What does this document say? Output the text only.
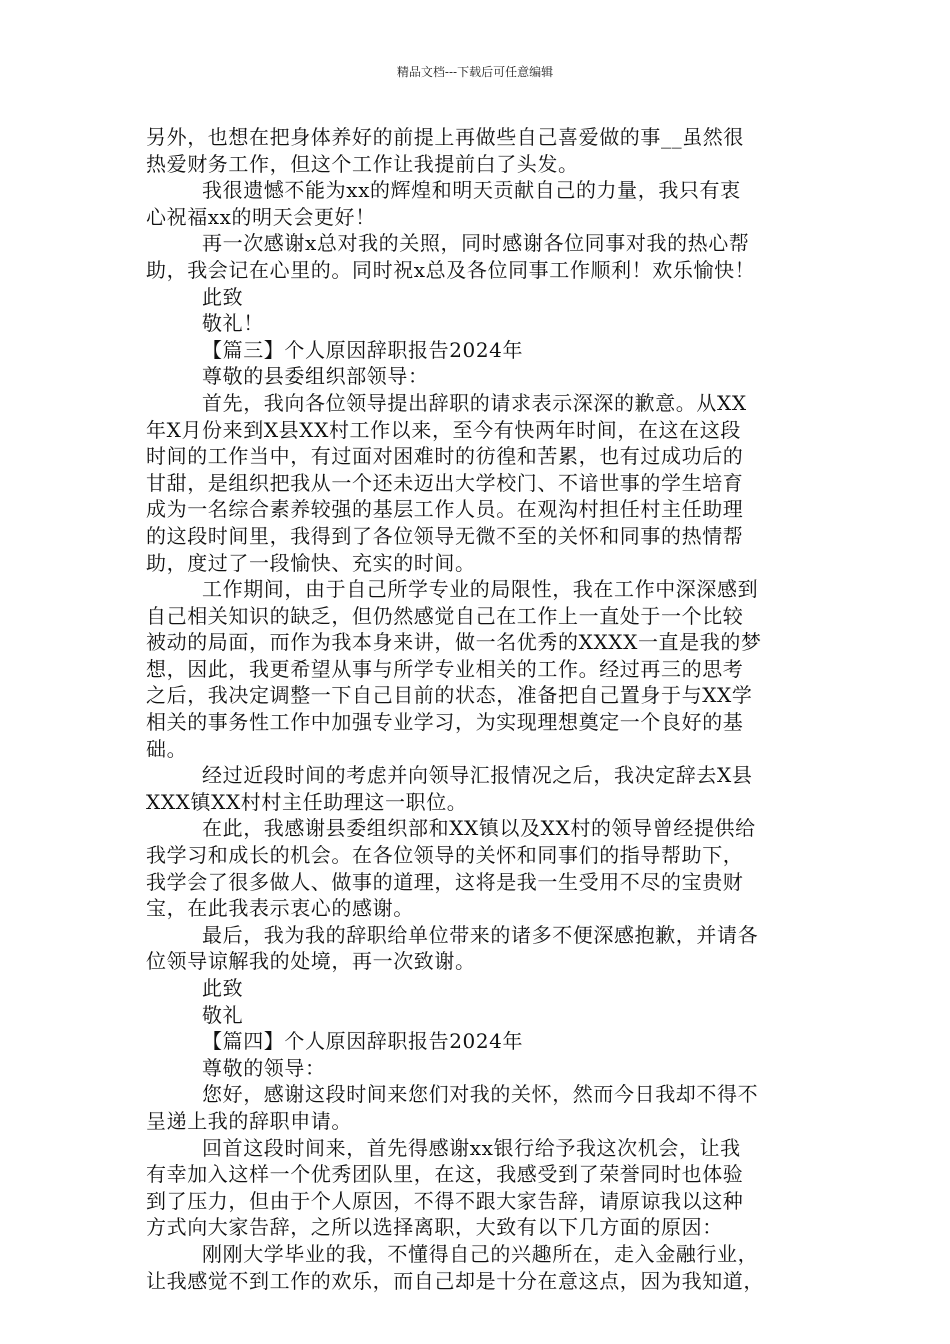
精品文档---下载后可任意编辑
另外，也想在把身体养好的前提上再做些自己喜爱做的事__虽然很
热爱财务工作，但这个工作让我提前白了头发。
我很遗憾不能为xx的辉煌和明天贡献自己的力量，我只有衷
心祝福xx的明天会更好！
再一次感谢x总对我的关照，同时感谢各位同事对我的热心帮
助，我会记在心里的。同时祝x总及各位同事工作顺利！欢乐愉快！
此致
敬礼！
【篇三】个人原因辞职报告2024年
尊敬的县委组织部领导：
首先，我向各位领导提出辞职的请求表示深深的歉意。从XX
年X月份来到X县XX村工作以来，至今有快两年时间，在这在这段
时间的工作当中，有过面对困难时的彷徨和苦累，也有过成功后的
甘甜，是组织把我从一个还未迈出大学校门、不谙世事的学生培育
成为一名综合素养较强的基层工作人员。在观沟村担任村主任助理
的这段时间里，我得到了各位领导无微不至的关怀和同事的热情帮
助，度过了一段愉快、充实的时间。
工作期间，由于自己所学专业的局限性，我在工作中深深感到
自己相关知识的缺乏，但仍然感觉自己在工作上一直处于一个比较
被动的局面，而作为我本身来讲，做一名优秀的XXXX一直是我的梦
想，因此，我更希望从事与所学专业相关的工作。经过再三的思考
之后，我决定调整一下自己目前的状态，准备把自己置身于与XX学
相关的事务性工作中加强专业学习，为实现理想奠定一个良好的基
础。
经过近段时间的考虑并向领导汇报情况之后，我决定辞去X县
XXX镇XX村村主任助理这一职位。
在此，我感谢县委组织部和XX镇以及XX村的领导曾经提供给
我学习和成长的机会。在各位领导的关怀和同事们的指导帮助下，
我学会了很多做人、做事的道理，这将是我一生受用不尽的宝贵财
宝，在此我表示衷心的感谢。
最后，我为我的辞职给单位带来的诸多不便深感抱歉，并请各
位领导谅解我的处境，再一次致谢。
此致
敬礼
【篇四】个人原因辞职报告2024年
尊敬的领导：
您好，感谢这段时间来您们对我的关怀，然而今日我却不得不
呈递上我的辞职申请。
回首这段时间来，首先得感谢xx银行给予我这次机会，让我
有幸加入这样一个优秀团队里，在这，我感受到了荣誉同时也体验
到了压力，但由于个人原因，不得不跟大家告辞，请原谅我以这种
方式向大家告辞，之所以选择离职，大致有以下几方面的原因：
刚刚大学毕业的我，不懂得自己的兴趣所在，走入金融行业，
让我感觉不到工作的欢乐，而自己却是十分在意这点，因为我知道，
